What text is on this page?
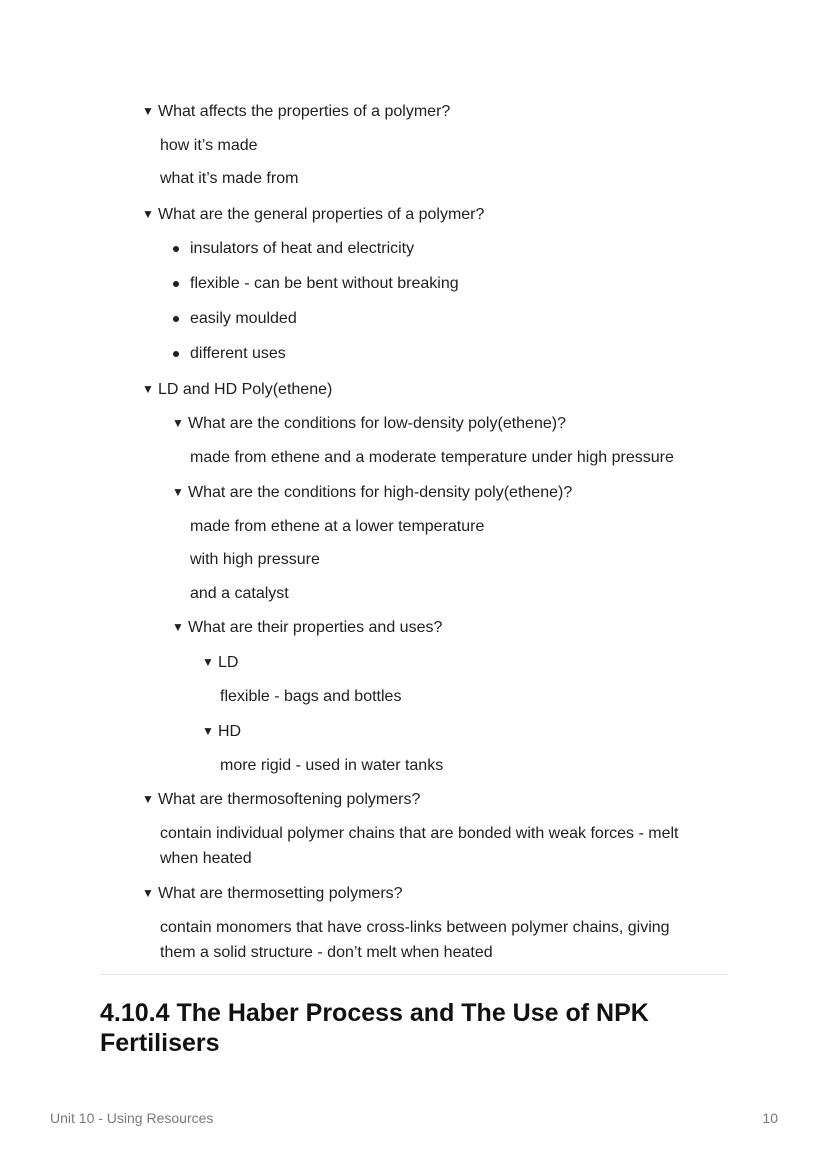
▼ What affects the properties of a polymer?
how it’s made
what it’s made from
▼ What are the general properties of a polymer?
insulators of heat and electricity
flexible - can be bent without breaking
easily moulded
different uses
▼ LD and HD Poly(ethene)
▼ What are the conditions for low-density poly(ethene)?
made from ethene and a moderate temperature under high pressure
▼ What are the conditions for high-density poly(ethene)?
made from ethene at a lower temperature
with high pressure
and a catalyst
▼ What are their properties and uses?
▼ LD
flexible - bags and bottles
▼ HD
more rigid - used in water tanks
▼ What are thermosoftening polymers?
contain individual polymer chains that are bonded with weak forces - melt
when heated
▼ What are thermosetting polymers?
contain monomers that have cross-links between polymer chains, giving
them a solid structure - don’t melt when heated
4.10.4 The Haber Process and The Use of NPK
Fertilisers
Unit 10 - Using Resources	10
